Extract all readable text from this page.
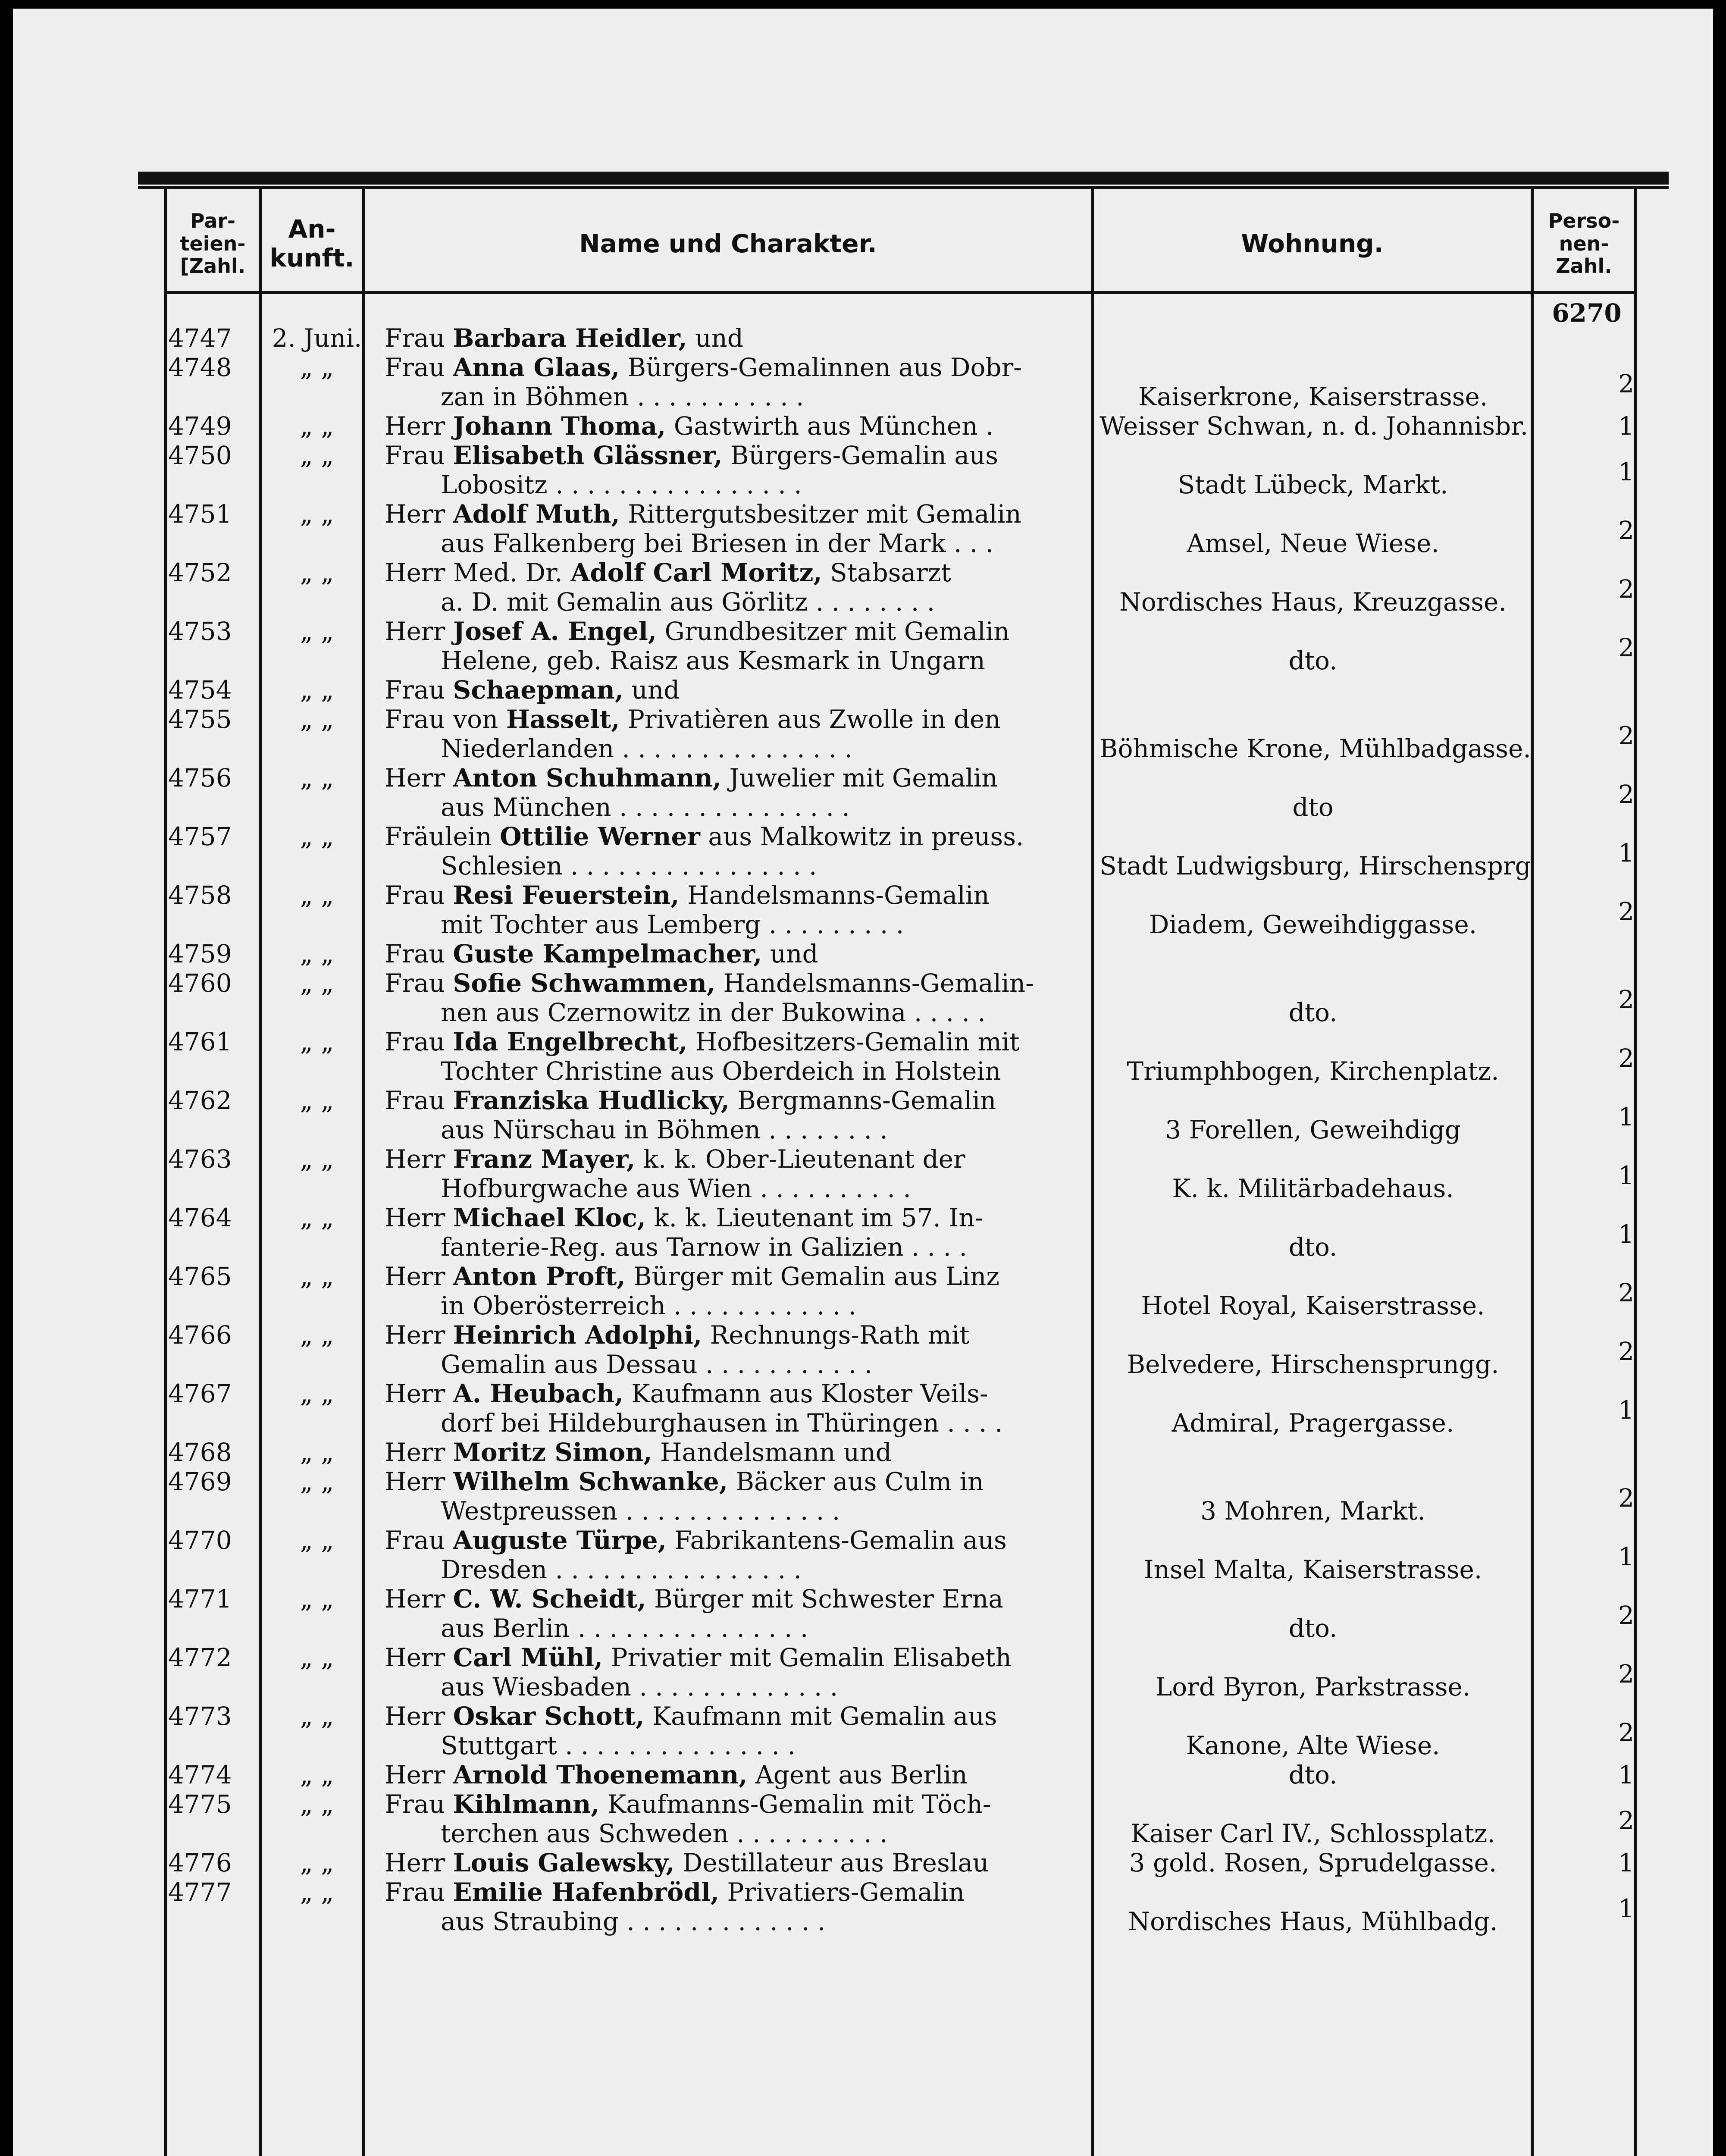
Par-
teien-
[Zahl.
An-
kunft.	Name und Charakter.	Wohnung.
Perso-
nen-
Zahl.
6270
4747	2. Juni. Frau Barbara Heidler, und
4748	„ „	Frau Anna Glaas, Bürgers-Gemalinnen aus Dobr-
zan in Böhmen . . . . . . . . . . .	Kaiserkrone, Kaiserstrasse.	2
4749	„ „	Herr Johann Thoma, Gastwirth aus München .	Weisser Schwan, n. d. Johannisbr.	1
4750	„ „	Frau Elisabeth Glässner, Bürgers-Gemalin aus
Lobositz . . . . . . . . . . . . . . . .	Stadt Lübeck, Markt.	1
4751	„ „	Herr Adolf Muth, Rittergutsbesitzer mit Gemalin
aus Falkenberg bei Briesen in der Mark . . .	Amsel, Neue Wiese.	2
4752	„ „	Herr Med. Dr. Adolf Carl Moritz, Stabsarzt
a. D. mit Gemalin aus Görlitz . . . . . . . .	Nordisches Haus, Kreuzgasse.	2
4753	„ „	Herr Josef A. Engel, Grundbesitzer mit Gemalin
Helene, geb. Raisz aus Kesmark in Ungarn	dto.	2
4754	„ „	Frau Schaepman, und
4755	„ „	Frau von Hasselt, Privatièren aus Zwolle in den
Niederlanden . . . . . . . . . . . . . . .	Böhmische Krone, Mühlbadgasse.	2
4756	„ „	Herr Anton Schuhmann, Juwelier mit Gemalin
aus München . . . . . . . . . . . . . . .	dto	2
4757	„ „	Fräulein Ottilie Werner aus Malkowitz in preuss.
Schlesien . . . . . . . . . . . . . . . .	Stadt Ludwigsburg, Hirschensprg	1
4758	„ „	Frau Resi Feuerstein, Handelsmanns-Gemalin
mit Tochter aus Lemberg . . . . . . . . .	Diadem, Geweihdiggasse.	2
4759	„ „	Frau Guste Kampelmacher, und
4760	„ „	Frau Sofie Schwammen, Handelsmanns-Gemalin-
nen aus Czernowitz in der Bukowina . . . . .	dto.	2
4761	„ „	Frau Ida Engelbrecht, Hofbesitzers-Gemalin mit
Tochter Christine aus Oberdeich in Holstein	Triumphbogen, Kirchenplatz.	2
4762	„ „	Frau Franziska Hudlicky, Bergmanns-Gemalin
aus Nürschau in Böhmen . . . . . . . .	3 Forellen, Geweihdigg	1
4763	„ „	Herr Franz Mayer, k. k. Ober-Lieutenant der
Hofburgwache aus Wien . . . . . . . . . .	K. k. Militärbadehaus.	1
4764	„ „	Herr Michael Kloc, k. k. Lieutenant im 57. In-
fanterie-Reg. aus Tarnow in Galizien . . . .	dto.	1
4765	„ „	Herr Anton Proft, Bürger mit Gemalin aus Linz
in Oberösterreich . . . . . . . . . . . .	Hotel Royal, Kaiserstrasse.	2
4766	„ „	Herr Heinrich Adolphi, Rechnungs-Rath mit
Gemalin aus Dessau . . . . . . . . . . .	Belvedere, Hirschensprungg.	2
4767	„ „	Herr A. Heubach, Kaufmann aus Kloster Veils-
dorf bei Hildeburghausen in Thüringen . . . .	Admiral, Pragergasse.	1
4768	„ „	Herr Moritz Simon, Handelsmann und
4769	„ „	Herr Wilhelm Schwanke, Bäcker aus Culm in
Westpreussen . . . . . . . . . . . . . .	3 Mohren, Markt.	2
4770	„ „	Frau Auguste Türpe, Fabrikantens-Gemalin aus
Dresden . . . . . . . . . . . . . . . .	Insel Malta, Kaiserstrasse.	1
4771	„ „	Herr C. W. Scheidt, Bürger mit Schwester Erna
aus Berlin . . . . . . . . . . . . . . .	dto.	2
4772	„ „	Herr Carl Mühl, Privatier mit Gemalin Elisabeth
aus Wiesbaden . . . . . . . . . . . . .	Lord Byron, Parkstrasse.	2
4773	„ „	Herr Oskar Schott, Kaufmann mit Gemalin aus
Stuttgart . . . . . . . . . . . . . . .	Kanone, Alte Wiese.	2
4774	„ „	Herr Arnold Thoenemann, Agent aus Berlin	dto.	1
4775	„ „	Frau Kihlmann, Kaufmanns-Gemalin mit Töch-
terchen aus Schweden . . . . . . . . . .	Kaiser Carl IV., Schlossplatz.	2
4776	„ „	Herr Louis Galewsky, Destillateur aus Breslau	3 gold. Rosen, Sprudelgasse.	1
4777	„ „	Frau Emilie Hafenbrödl, Privatiers-Gemalin
aus Straubing . . . . . . . . . . . . .	Nordisches Haus, Mühlbadg.	1
